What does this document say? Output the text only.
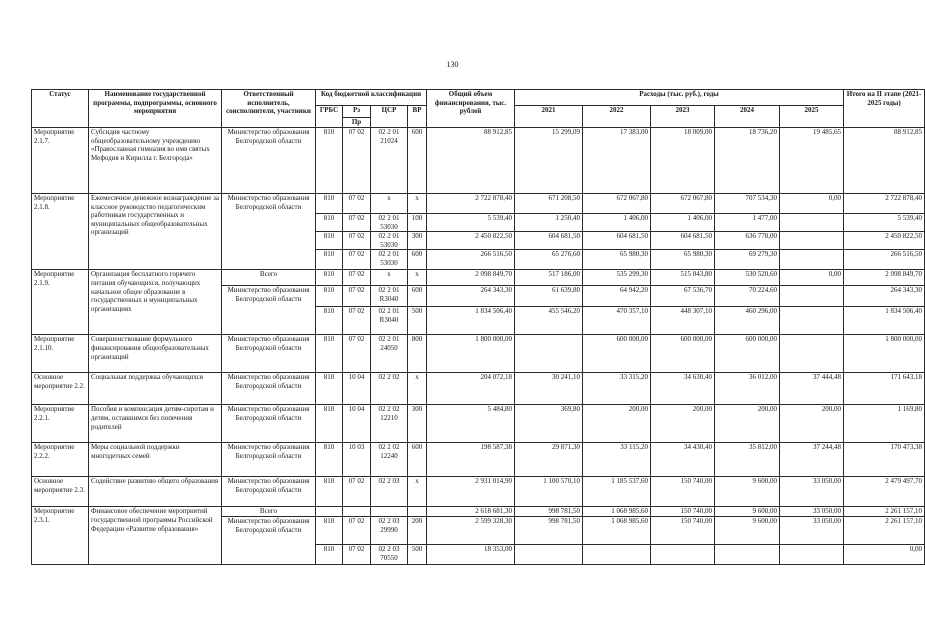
130
Статус	Наименование государственной программы, подпрограммы, основного мероприятия	Ответственный исполнитель, соисполнители, участники	Код бюджетной классификации				Общий объем финансирования, тыс. рублей	Расходы (тыс. руб.), годы					Итого на II этапе (2021-2025 годы)
			ГРБС	Рз	ЦСР	ВР		2021	2022	2023	2024	2025	
				Пр									
Мероприятие 2.1.7.	Субсидия частному общеобразовательному учреждению «Православная гимназия во имя святых Мефодия и Кирилла г. Белгорода»	Министерство образования Белгородской области	810	07 02	02 2 01 21024	600	88 912,85	15 299,09	17 383,00	18 009,00	18 736,20	19 485,65	88 912,85
Мероприятие 2.1.8.	Ежемесячное денежное вознаграждение за классное руководство педагогическим работникам государственных и муниципальных общеобразовательных организаций	Министерство образования Белгородской области	810	07 02	х	х	2 722 878,40	671 208,50	672 067,80	672 067,80	707 534,30	0,00	2 722 878,40
			810	07 02	02 2 01 53030	100	5 539,40	1 250,40	1 406,00	1 406,00	1 477,00		5 539,40
			810	07 02	02 2 01 53030	300	2 450 822,50	604 681,50	604 681,50	604 681,50	636 778,00		2 450 822,50
			810	07 02	02 2 01 53030	600	266 516,50	65 276,60	65 980,30	65 980,30	69 279,30		266 516,50
Мероприятие 2.1.9.	Организация бесплатного горячего питания обучающихся, получающих начальное общее образование в государственных и муниципальных организациях	Всего	810	07 02	х	х	2 098 849,70	517 186,00	535 299,30	515 843,80	530 520,60	0,00	2 098 849,70
		Министерство образования Белгородской области	810	07 02	02 2 01 R3040	600	264 343,30	61 639,80	64 942,20	67 536,70	70 224,60		264 343,30
			810	07 02	02 2 01 R3040	500	1 834 506,40	455 546,20	470 357,10	448 307,10	460 296,00		1 834 506,40
Мероприятие 2.1.10.	Совершенствование формульного финансирования общеобразовательных организаций	Министерство образования Белгородской области	810	07 02	02 2 01 24050	800	1 800 000,00		600 000,00	600 000,00	600 000,00		1 800 000,00
Основное мероприятие 2.2.	Социальная поддержка обучающихся	Министерство образования Белгородской области	810	10 04	02 2 02	х	204 072,18	30 241,10	33 315,20	34 630,40	36 012,00	37 444,48	171 643,18
Мероприятие 2.2.1.	Пособия и компенсация детям-сиротам и детям, оставшимся без попечения родителей	Министерство образования Белгородской области	810	10 04	02 2 02 12210	300	5 484,80	369,80	200,00	200,00	200,00	200,00	1 169,80
Мероприятие 2.2.2.	Меры социальной поддержки многодетных семей	Министерство образования Белгородской области	810	10 03	02 2 02 12240	600	198 587,38	29 871,30	33 115,20	34 430,40	35 812,00	37 244,48	170 473,38
Основное мероприятие 2.3.	Содействие развитию общего образования	Министерство образования Белгородской области	810	07 02	02 2 03	х	2 931 014,90	1 100 570,10	1 185 537,60	150 740,00	9 600,00	33 050,00	2 479 497,70
Мероприятие 2.3.1.	Финансовое обеспечение мероприятий государственной программы Российской Федерации «Развитие образования»	Всего					2 618 681,30	998 781,50	1 068 985,60	150 740,00	9 600,00	33 050,00	2 261 157,10
		Министерство образования Белгородской области	810	07 02	02 2 03 29990	200	2 599 328,30	998 781,50	1 068 985,60	150 740,00	9 600,00	33 050,00	2 261 157,10
			810	07 02	02 2 03 70550	500	18 353,00						0,00
